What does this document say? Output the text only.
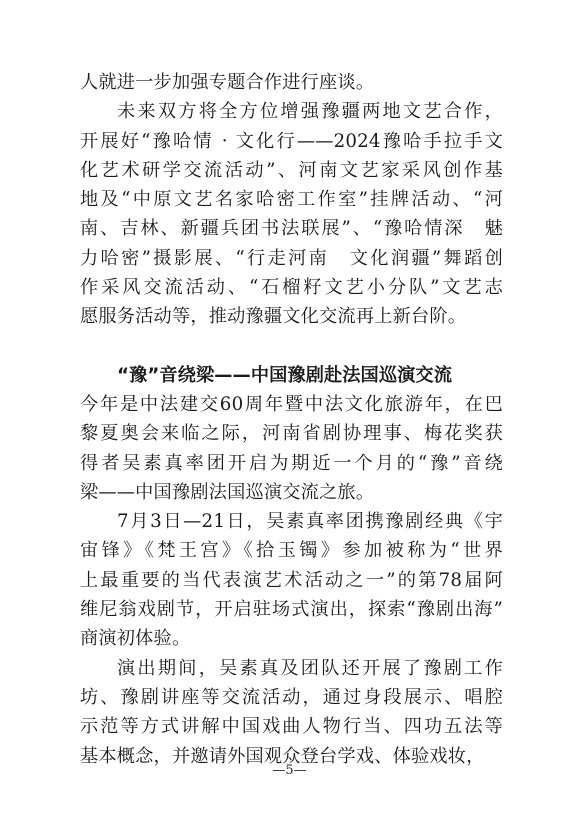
人就进一步加强专题合作进行座谈。
未来双方将全方位增强豫疆两地文艺合作，
开展好“豫哈情 · 文化行——2024豫哈手拉手文
化艺术研学交流活动”、河南文艺家采风创作基
地及“中原文艺名家哈密工作室”挂牌活动、“河
南、吉林、新疆兵团书法联展”、“豫哈情深　魅
力哈密”摄影展、“行走河南　文化润疆”舞蹈创
作采风交流活动、“石榴籽文艺小分队”文艺志
愿服务活动等，推动豫疆文化交流再上新台阶。
“豫”音绕梁——中国豫剧赴法国巡演交流
今年是中法建交60周年暨中法文化旅游年，在巴
黎夏奥会来临之际，河南省剧协理事、梅花奖获
得者吴素真率团开启为期近一个月的“豫”音绕
梁——中国豫剧法国巡演交流之旅。
7月3日—21日，吴素真率团携豫剧经典《宇
宙锋》《梵王宫》《拾玉镯》参加被称为“世界
上最重要的当代表演艺术活动之一”的第78届阿
维尼翁戏剧节，开启驻场式演出，探索“豫剧出海”
商演初体验。
演出期间，吴素真及团队还开展了豫剧工作
坊、豫剧讲座等交流活动，通过身段展示、唱腔
示范等方式讲解中国戏曲人物行当、四功五法等
基本概念，并邀请外国观众登台学戏、体验戏妆，
—5—
